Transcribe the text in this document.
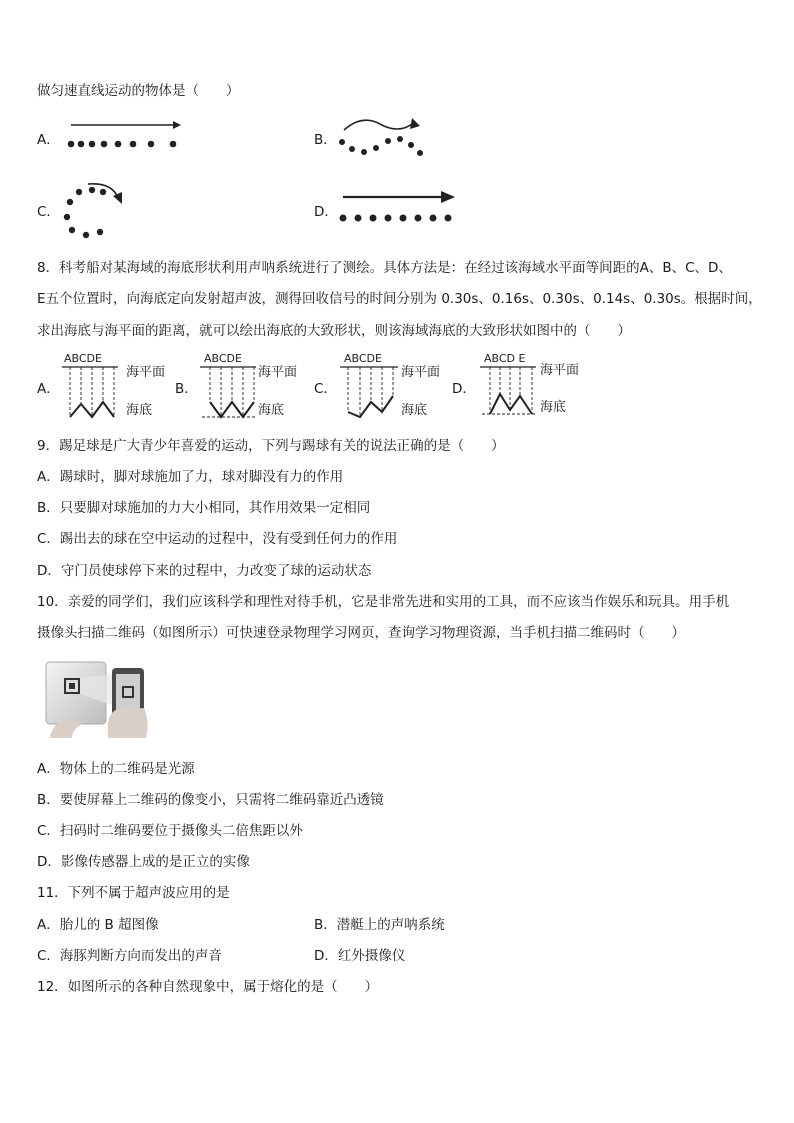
做匀速直线运动的物体是（　　）
A．	B．
C．	D．
8．科考船对某海域的海底形状利用声呐系统进行了测绘。具体方法是：在经过该海域水平面等间距的A、B、C、D、
E五个位置时，向海底定向发射超声波，测得回收信号的时间分别为 0.30s、0.16s、0.30s、0.14s、0.30s。根据时间，
求出海底与海平面的距离，就可以绘出海底的大致形状，则该海域海底的大致形状如图中的（　　）
A．
ABCDE
海平面
海底
B．
ABCDE
海平面
海底
C．
ABCDE
海平面
海底
D．
ABCD E
海平面
海底
9．踢足球是广大青少年喜爱的运动，下列与踢球有关的说法正确的是（　　）
A．踢球时，脚对球施加了力，球对脚没有力的作用
B．只要脚对球施加的力大小相同，其作用效果一定相同
C．踢出去的球在空中运动的过程中，没有受到任何力的作用
D．守门员使球停下来的过程中，力改变了球的运动状态
10．亲爱的同学们，我们应该科学和理性对待手机，它是非常先进和实用的工具，而不应该当作娱乐和玩具。用手机
摄像头扫描二维码（如图所示）可快速登录物理学习网页，查询学习物理资源，当手机扫描二维码时（　　）
A．物体上的二维码是光源
B．要使屏幕上二维码的像变小，只需将二维码靠近凸透镜
C．扫码时二维码要位于摄像头二倍焦距以外
D．影像传感器上成的是正立的实像
11．下列不属于超声波应用的是
A．胎儿的 B 超图像	B．潜艇上的声呐系统
C．海豚判断方向而发出的声音	D．红外摄像仪
12．如图所示的各种自然现象中，属于熔化的是（　　）
